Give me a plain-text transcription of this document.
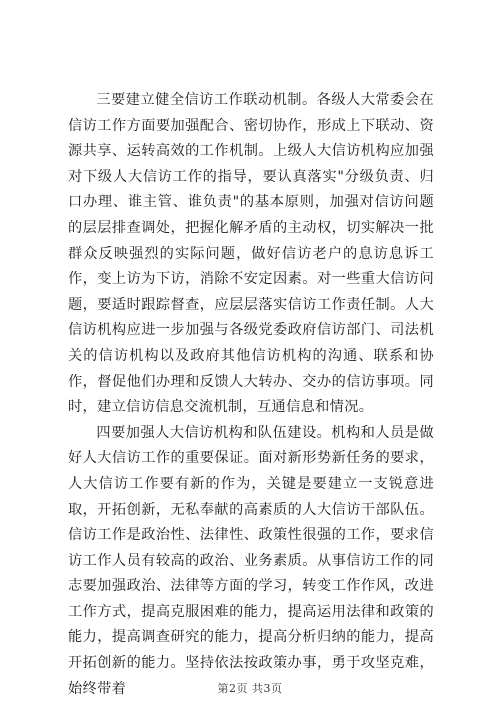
三要建立健全信访工作联动机制。各级人大常委会在信访工作方面要加强配合、密切协作，形成上下联动、资源共享、运转高效的工作机制。上级人大信访机构应加强对下级人大信访工作的指导，要认真落实"分级负责、归口办理、谁主管、谁负责"的基本原则，加强对信访问题的层层排查调处，把握化解矛盾的主动权，切实解决一批群众反映强烈的实际问题，做好信访老户的息访息诉工作，变上访为下访，消除不安定因素。对一些重大信访问题，要适时跟踪督查，应层层落实信访工作责任制。人大信访机构应进一步加强与各级党委政府信访部门、司法机关的信访机构以及政府其他信访机构的沟通、联系和协作，督促他们办理和反馈人大转办、交办的信访事项。同时，建立信访信息交流机制，互通信息和情况。

四要加强人大信访机构和队伍建设。机构和人员是做好人大信访工作的重要保证。面对新形势新任务的要求，人大信访工作要有新的作为，关键是要建立一支锐意进取，开拓创新，无私奉献的高素质的人大信访干部队伍。信访工作是政治性、法律性、政策性很强的工作，要求信访工作人员有较高的政治、业务素质。从事信访工作的同志要加强政治、法律等方面的学习，转变工作作风，改进工作方式，提高克服困难的能力，提高运用法律和政策的能力，提高调查研究的能力，提高分析归纳的能力，提高开拓创新的能力。坚持依法按政策办事，勇于攻坚克难，始终带着	第2页 共3页
